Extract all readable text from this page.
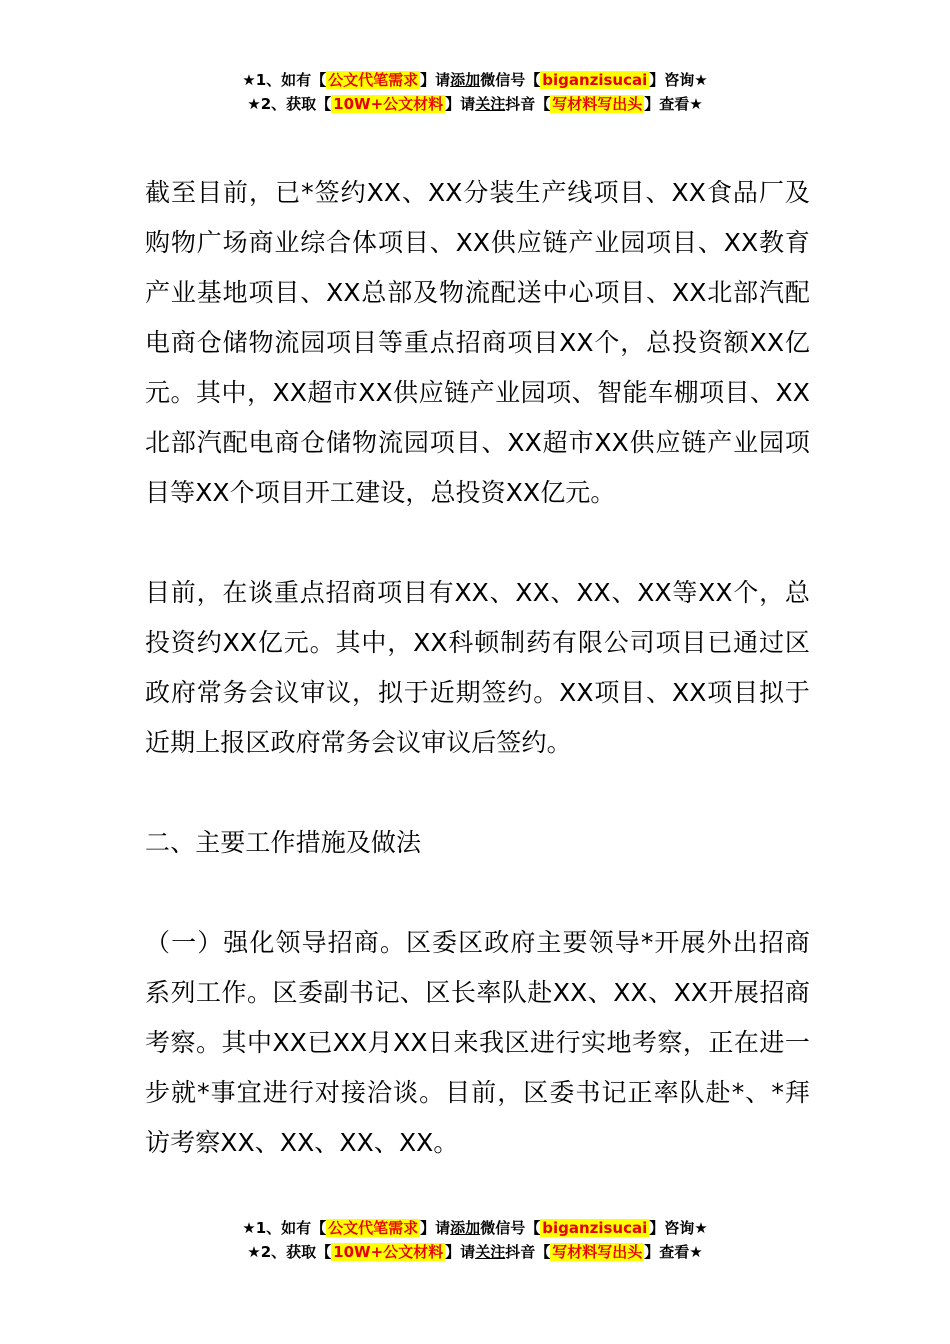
★1、如有【 公文代笔需求 】请添加微信号【 biganzisucai 】咨询★
★2、获取【 10W+公文材料 】请关注抖音【 写材料写出头 】查看★

截至目前，已*签约XX、XX分装生产线项目、XX食品厂及购物广场商业综合体项目、XX供应链产业园项目、XX教育产业基地项目、XX总部及物流配送中心项目、XX北部汽配电商仓储物流园项目等重点招商项目XX个，总投资额XX亿元。其中，XX超市XX供应链产业园项、智能车棚项目、XX北部汽配电商仓储物流园项目、XX超市XX供应链产业园项目等XX个项目开工建设，总投资XX亿元。

目前，在谈重点招商项目有XX、XX、XX、XX等XX个，总投资约XX亿元。其中，XX科顿制药有限公司项目已通过区政府常务会议审议，拟于近期签约。XX项目、XX项目拟于近期上报区政府常务会议审议后签约。

二、主要工作措施及做法

（一）强化领导招商。区委区政府主要领导*开展外出招商系列工作。区委副书记、区长率队赴XX、XX、XX开展招商考察。其中XX已XX月XX日来我区进行实地考察，正在进一步就*事宜进行对接洽谈。目前，区委书记正率队赴*、*拜访考察XX、XX、XX、XX。

★1、如有【 公文代笔需求 】请添加微信号【 biganzisucai 】咨询★
★2、获取【 10W+公文材料 】请关注抖音【 写材料写出头 】查看★
